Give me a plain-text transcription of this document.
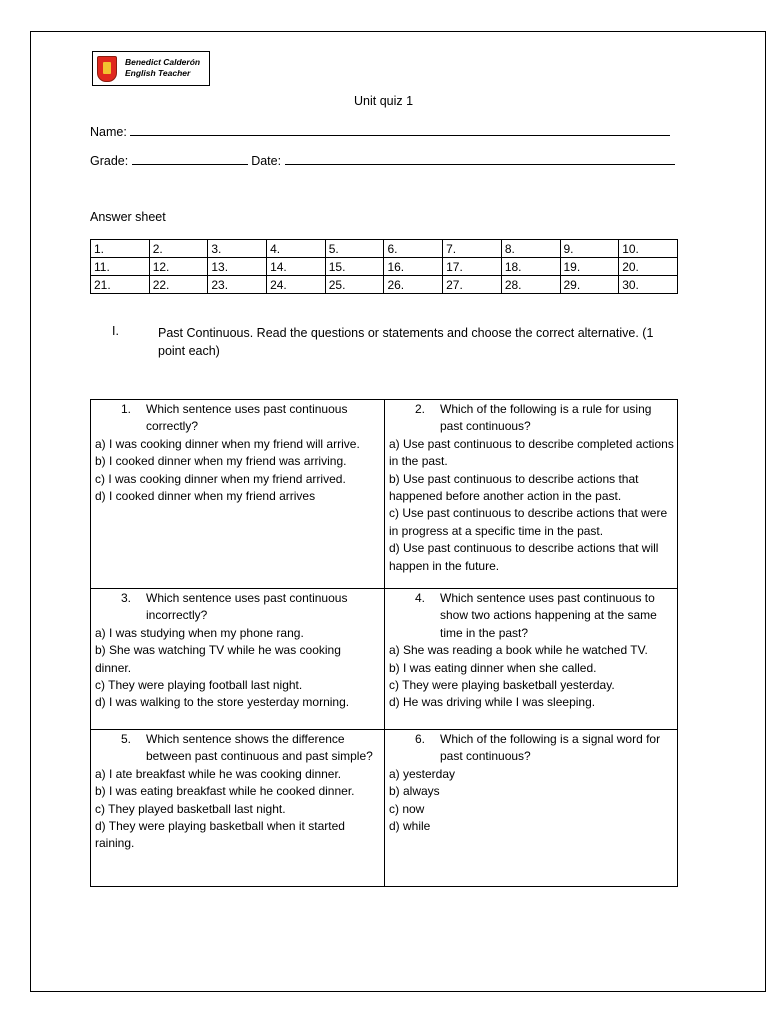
Benedict Calderón
English Teacher
Unit quiz 1
Name:
Grade:	Date:
Answer sheet
1.	2.	3.	4.	5.	6.	7.	8.	9.	10.
11.	12.	13.	14.	15.	16.	17.	18.	19.	20.
21.	22.	23.	24.	25.	26.	27.	28.	29.	30.
I.	Past Continuous. Read the questions or statements and choose the correct alternative. (1 point each)
1.	Which sentence uses past continuous correctly?
a) I was cooking dinner when my friend will arrive.
b) I cooked dinner when my friend was arriving.
c) I was cooking dinner when my friend arrived.
d) I cooked dinner when my friend arrives
2.	Which of the following is a rule for using past continuous?
a) Use past continuous to describe completed actions in the past.
b) Use past continuous to describe actions that happened before another action in the past.
c) Use past continuous to describe actions that were in progress at a specific time in the past.
d) Use past continuous to describe actions that will happen in the future.
3.	Which sentence uses past continuous incorrectly?
a) I was studying when my phone rang.
b) She was watching TV while he was cooking dinner.
c) They were playing football last night.
d) I was walking to the store yesterday morning.
4.	Which sentence uses past continuous to show two actions happening at the same time in the past?
a) She was reading a book while he watched TV.
b) I was eating dinner when she called.
c) They were playing basketball yesterday.
d) He was driving while I was sleeping.
5.	Which sentence shows the difference between past continuous and past simple?
a) I ate breakfast while he was cooking dinner.
b) I was eating breakfast while he cooked dinner.
c) They played basketball last night.
d) They were playing basketball when it started raining.
6.	Which of the following is a signal word for past continuous?
a) yesterday
b) always
c) now
d) while
